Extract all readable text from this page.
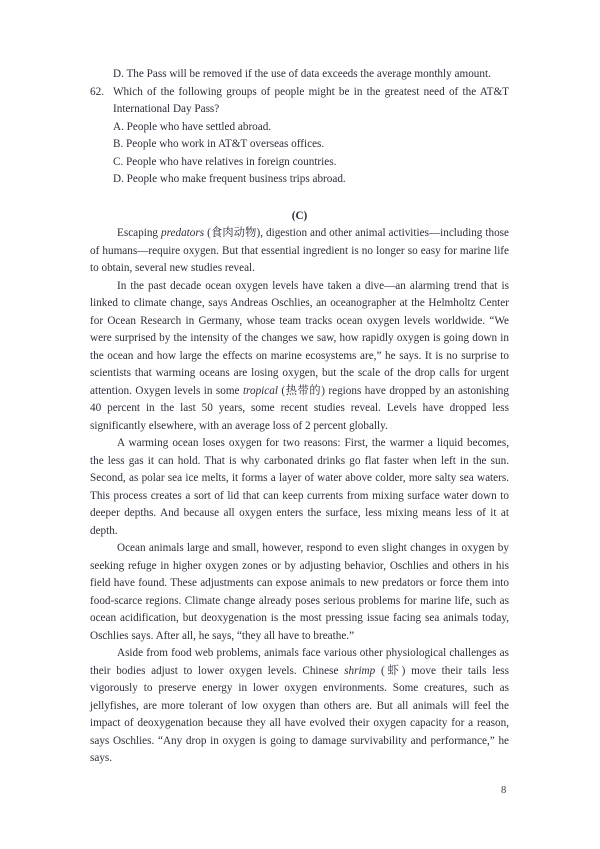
D. The Pass will be removed if the use of data exceeds the average monthly amount.
62. Which of the following groups of people might be in the greatest need of the AT&T International Day Pass?
A. People who have settled abroad.
B. People who work in AT&T overseas offices.
C. People who have relatives in foreign countries.
D. People who make frequent business trips abroad.
(C)

Escaping predators (食肉动物), digestion and other animal activities—including those of humans—require oxygen. But that essential ingredient is no longer so easy for marine life to obtain, several new studies reveal.

In the past decade ocean oxygen levels have taken a dive—an alarming trend that is linked to climate change, says Andreas Oschlies, an oceanographer at the Helmholtz Center for Ocean Research in Germany, whose team tracks ocean oxygen levels worldwide. “We were surprised by the intensity of the changes we saw, how rapidly oxygen is going down in the ocean and how large the effects on marine ecosystems are,” he says. It is no surprise to scientists that warming oceans are losing oxygen, but the scale of the drop calls for urgent attention. Oxygen levels in some tropical (热带的) regions have dropped by an astonishing 40 percent in the last 50 years, some recent studies reveal. Levels have dropped less significantly elsewhere, with an average loss of 2 percent globally.

A warming ocean loses oxygen for two reasons: First, the warmer a liquid becomes, the less gas it can hold. That is why carbonated drinks go flat faster when left in the sun. Second, as polar sea ice melts, it forms a layer of water above colder, more salty sea waters. This process creates a sort of lid that can keep currents from mixing surface water down to deeper depths. And because all oxygen enters the surface, less mixing means less of it at depth.

Ocean animals large and small, however, respond to even slight changes in oxygen by seeking refuge in higher oxygen zones or by adjusting behavior, Oschlies and others in his field have found. These adjustments can expose animals to new predators or force them into food-scarce regions. Climate change already poses serious problems for marine life, such as ocean acidification, but deoxygenation is the most pressing issue facing sea animals today, Oschlies says. After all, he says, “they all have to breathe.”

Aside from food web problems, animals face various other physiological challenges as their bodies adjust to lower oxygen levels. Chinese shrimp (虾) move their tails less vigorously to preserve energy in lower oxygen environments. Some creatures, such as jellyfishes, are more tolerant of low oxygen than others are. But all animals will feel the impact of deoxygenation because they all have evolved their oxygen capacity for a reason, says Oschlies. “Any drop in oxygen is going to damage survivability and performance,” he says.

8
